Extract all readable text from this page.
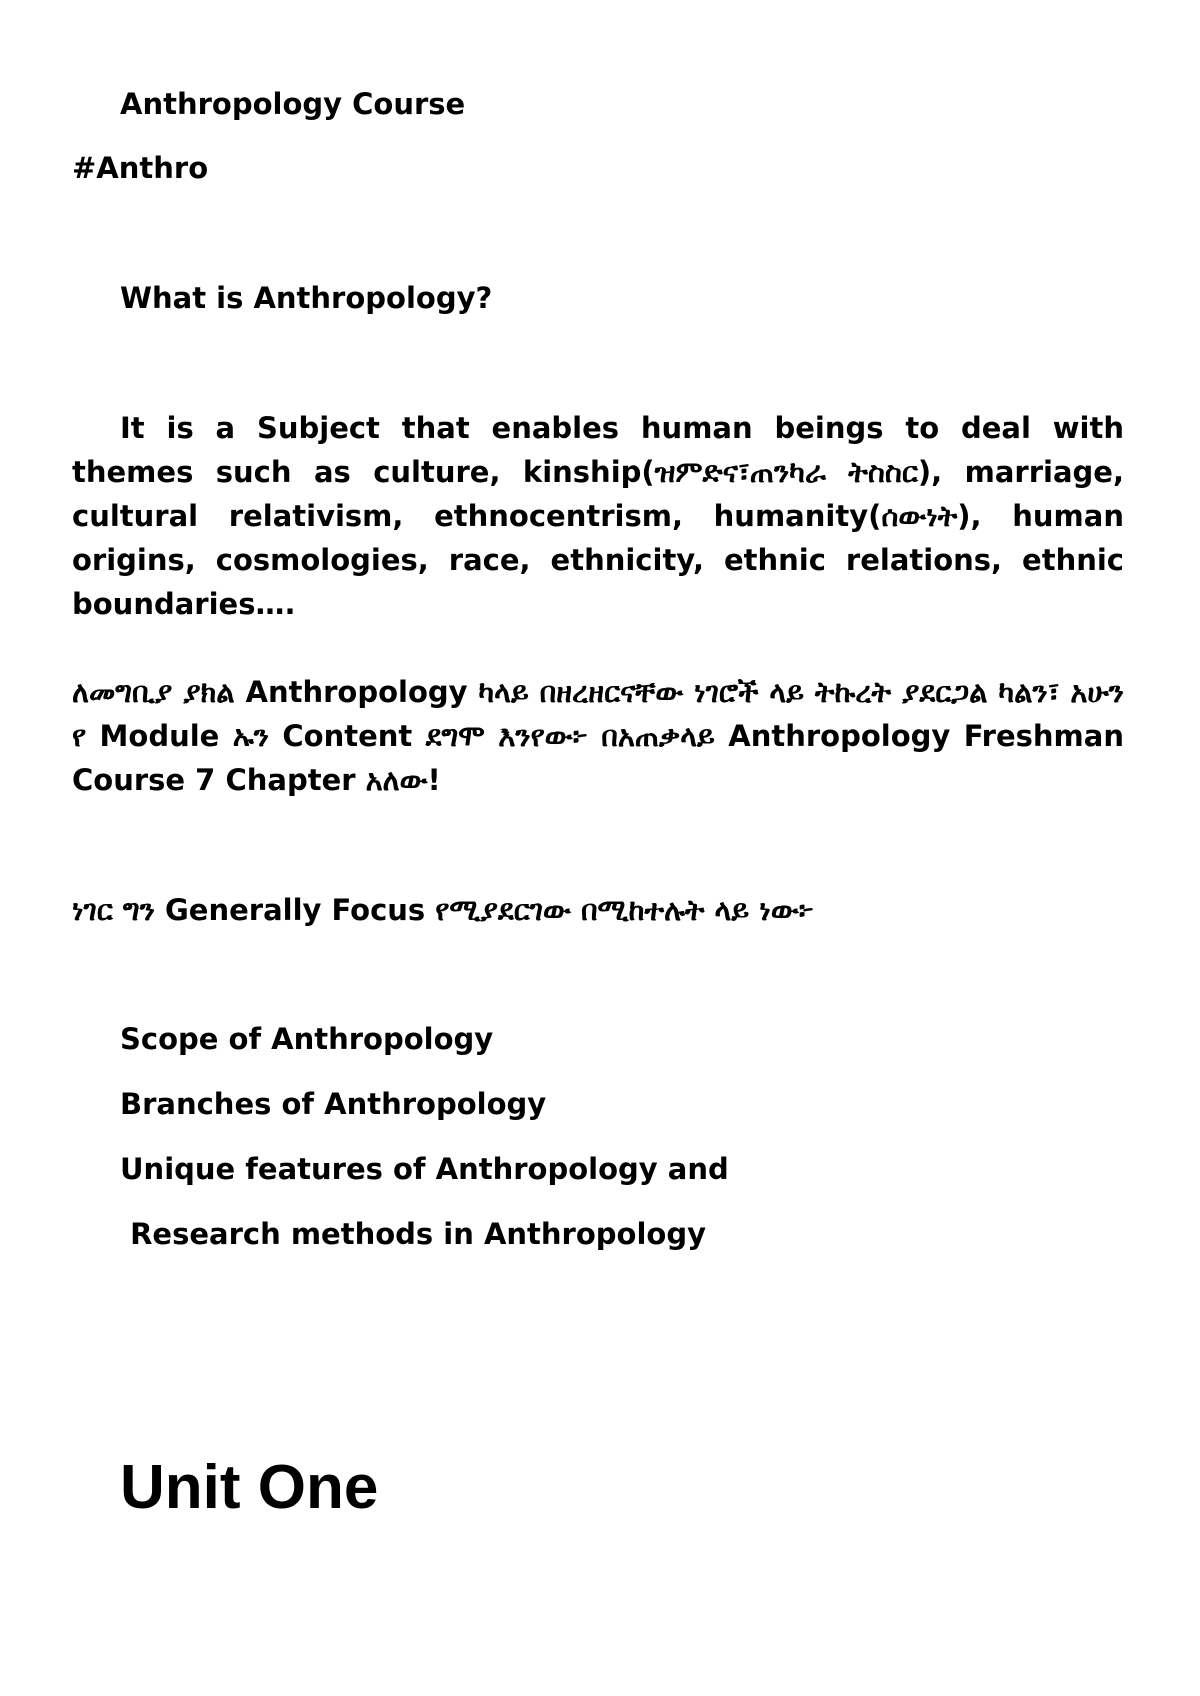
Anthropology Course

#Anthro

What is Anthropology?

It is a Subject that enables human beings to deal with themes such as culture, kinship(ዝምድና፣ጠንካራ ትስስር), marriage, cultural relativism, ethnocentrism, humanity(ሰውነት), human origins, cosmologies, race, ethnicity, ethnic relations, ethnic boundaries….

ለመግቢያ ያክል Anthropology ካላይ በዘረዘርናቸው ነገሮች ላይ ትኩረት ያደርጋል ካልን፣ አሁን የ Module ኡን Content ደግሞ እንየው፦ በአጠቃላይ Anthropology Freshman Course 7 Chapter አለው!

ነገር ግን Generally Focus የሚያደርገው በሚከተሉት ላይ ነው፦

Scope of Anthropology
Branches of Anthropology
Unique features of Anthropology and
Research methods in Anthropology
Unit One
